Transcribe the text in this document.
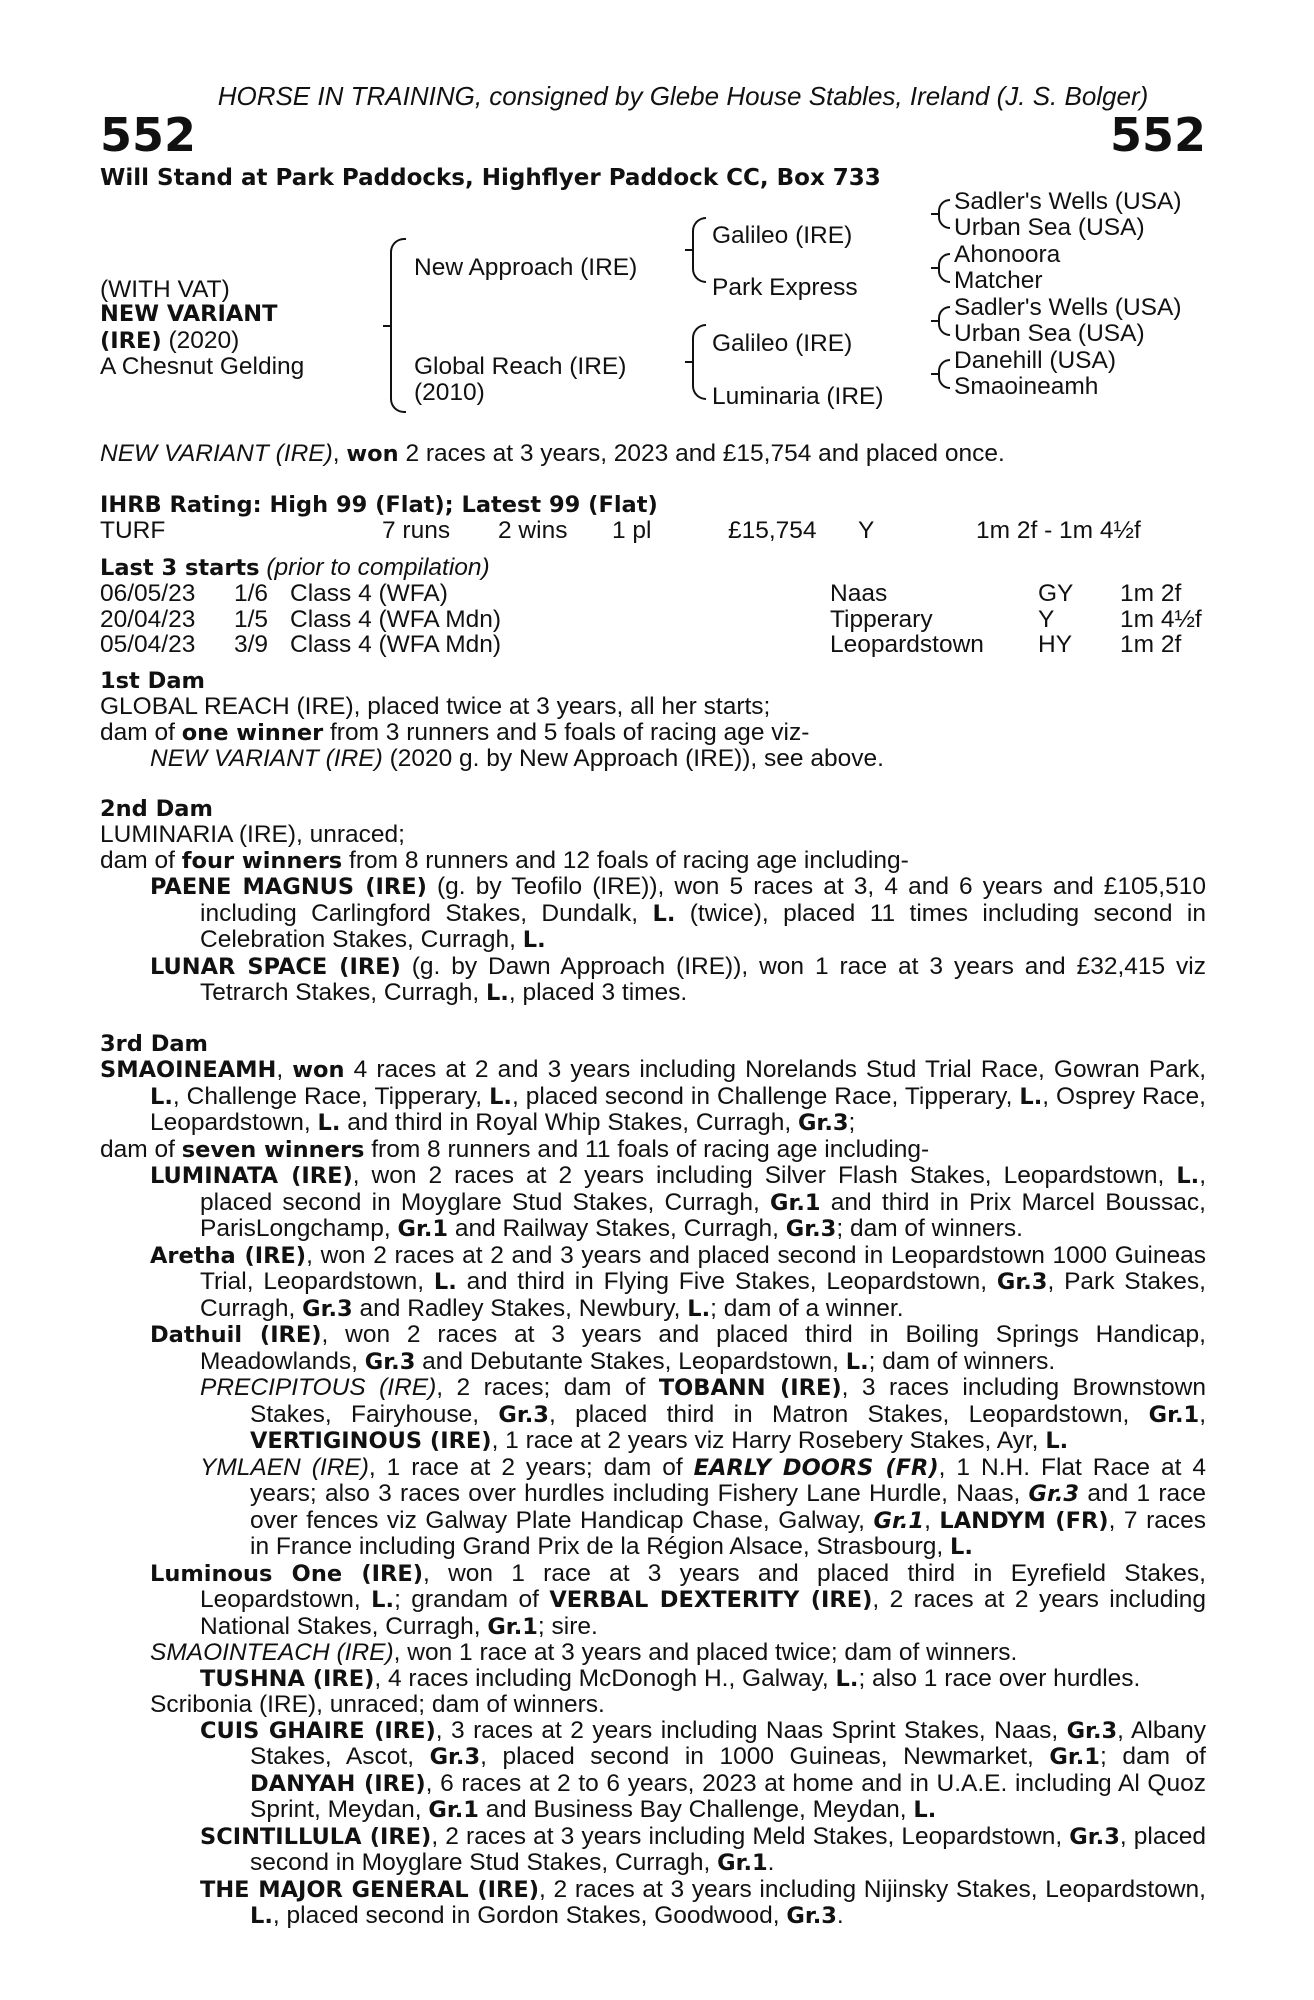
HORSE IN TRAINING, consigned by Glebe House Stables, Ireland (J. S. Bolger)
552	552
Will Stand at Park Paddocks, Highflyer Paddock CC, Box 733
(WITH VAT)
NEW VARIANT
(IRE) (2020)
A Chesnut Gelding
New Approach (IRE)
Global Reach (IRE)
(2010)
Galileo (IRE)
Park Express
Galileo (IRE)
Luminaria (IRE)
Sadler's Wells (USA)
Urban Sea (USA)
Ahonoora
Matcher
Sadler's Wells (USA)
Urban Sea (USA)
Danehill (USA)
Smaoineamh
NEW VARIANT (IRE), won 2 races at 3 years, 2023 and £15,754 and placed once.
IHRB Rating: High 99 (Flat); Latest 99 (Flat)
TURF	7 runs 2 wins 1 pl	£15,754 Y	1m 2f - 1m 4½f
Last 3 starts (prior to compilation)
06/05/23 1/6 Class 4 (WFA)	Naas	GY 1m 2f
20/04/23 1/5 Class 4 (WFA Mdn)	Tipperary	Y	1m 4½f
05/04/23 3/9 Class 4 (WFA Mdn)	Leopardstown HY 1m 2f
1st Dam
GLOBAL REACH (IRE), placed twice at 3 years, all her starts;
dam of one winner from 3 runners and 5 foals of racing age viz-
NEW VARIANT (IRE) (2020 g. by New Approach (IRE)), see above.
2nd Dam
LUMINARIA (IRE), unraced;
dam of four winners from 8 runners and 12 foals of racing age including-
PAENE MAGNUS (IRE) (g. by Teofilo (IRE)), won 5 races at 3, 4 and 6 years and £105,510 including Carlingford Stakes, Dundalk, L. (twice), placed 11 times including second in Celebration Stakes, Curragh, L.
LUNAR SPACE (IRE) (g. by Dawn Approach (IRE)), won 1 race at 3 years and £32,415 viz Tetrarch Stakes, Curragh, L., placed 3 times.
3rd Dam
SMAOINEAMH, won 4 races at 2 and 3 years including Norelands Stud Trial Race, Gowran Park, L., Challenge Race, Tipperary, L., placed second in Challenge Race, Tipperary, L., Osprey Race, Leopardstown, L. and third in Royal Whip Stakes, Curragh, Gr.3;
dam of seven winners from 8 runners and 11 foals of racing age including-
LUMINATA (IRE), won 2 races at 2 years including Silver Flash Stakes, Leopardstown, L., placed second in Moyglare Stud Stakes, Curragh, Gr.1 and third in Prix Marcel Boussac, ParisLongchamp, Gr.1 and Railway Stakes, Curragh, Gr.3; dam of winners.
Aretha (IRE), won 2 races at 2 and 3 years and placed second in Leopardstown 1000 Guineas Trial, Leopardstown, L. and third in Flying Five Stakes, Leopardstown, Gr.3, Park Stakes, Curragh, Gr.3 and Radley Stakes, Newbury, L.; dam of a winner.
Dathuil (IRE), won 2 races at 3 years and placed third in Boiling Springs Handicap, Meadowlands, Gr.3 and Debutante Stakes, Leopardstown, L.; dam of winners.
PRECIPITOUS (IRE), 2 races; dam of TOBANN (IRE), 3 races including Brownstown Stakes, Fairyhouse, Gr.3, placed third in Matron Stakes, Leopardstown, Gr.1, VERTIGINOUS (IRE), 1 race at 2 years viz Harry Rosebery Stakes, Ayr, L.
YMLAEN (IRE), 1 race at 2 years; dam of EARLY DOORS (FR), 1 N.H. Flat Race at 4 years; also 3 races over hurdles including Fishery Lane Hurdle, Naas, Gr.3 and 1 race over fences viz Galway Plate Handicap Chase, Galway, Gr.1, LANDYM (FR), 7 races in France including Grand Prix de la Région Alsace, Strasbourg, L.
Luminous One (IRE), won 1 race at 3 years and placed third in Eyrefield Stakes, Leopardstown, L.; grandam of VERBAL DEXTERITY (IRE), 2 races at 2 years including National Stakes, Curragh, Gr.1; sire.
SMAOINTEACH (IRE), won 1 race at 3 years and placed twice; dam of winners.
TUSHNA (IRE), 4 races including McDonogh H., Galway, L.; also 1 race over hurdles.
Scribonia (IRE), unraced; dam of winners.
CUIS GHAIRE (IRE), 3 races at 2 years including Naas Sprint Stakes, Naas, Gr.3, Albany Stakes, Ascot, Gr.3, placed second in 1000 Guineas, Newmarket, Gr.1; dam of DANYAH (IRE), 6 races at 2 to 6 years, 2023 at home and in U.A.E. including Al Quoz Sprint, Meydan, Gr.1 and Business Bay Challenge, Meydan, L.
SCINTILLULA (IRE), 2 races at 3 years including Meld Stakes, Leopardstown, Gr.3, placed second in Moyglare Stud Stakes, Curragh, Gr.1.
THE MAJOR GENERAL (IRE), 2 races at 3 years including Nijinsky Stakes, Leopardstown, L., placed second in Gordon Stakes, Goodwood, Gr.3.
